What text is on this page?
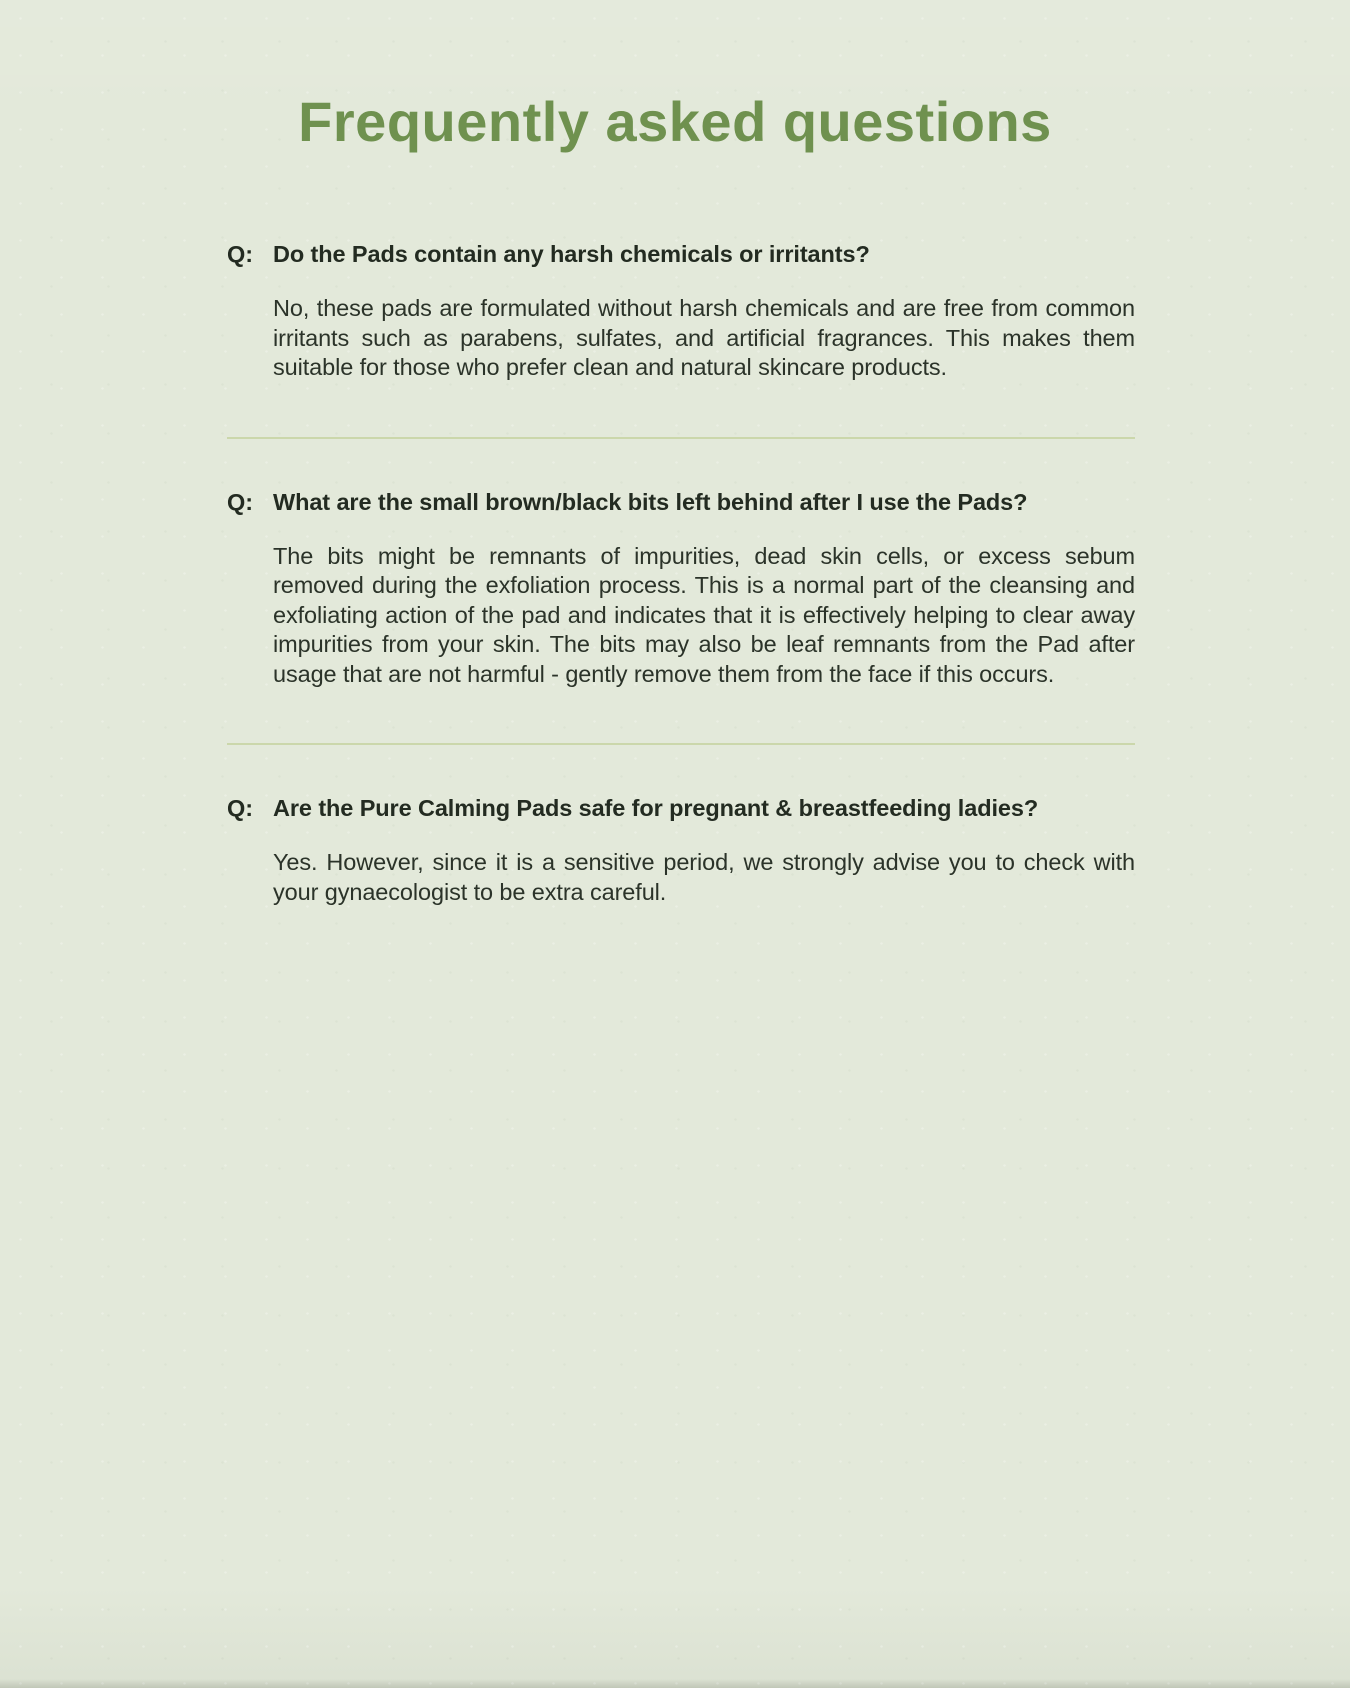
Frequently asked questions
Q: Do the Pads contain any harsh chemicals or irritants?

No, these pads are formulated without harsh chemicals and are free from common irritants such as parabens, sulfates, and artificial fragrances. This makes them suitable for those who prefer clean and natural skincare products.

Q: What are the small brown/black bits left behind after I use the Pads?

The bits might be remnants of impurities, dead skin cells, or excess sebum removed during the exfoliation process. This is a normal part of the cleansing and exfoliating action of the pad and indicates that it is effectively helping to clear away impurities from your skin. The bits may also be leaf remnants from the Pad after usage that are not harmful - gently remove them from the face if this occurs.

Q: Are the Pure Calming Pads safe for pregnant & breastfeeding ladies?

Yes. However, since it is a sensitive period, we strongly advise you to check with your gynaecologist to be extra careful.
